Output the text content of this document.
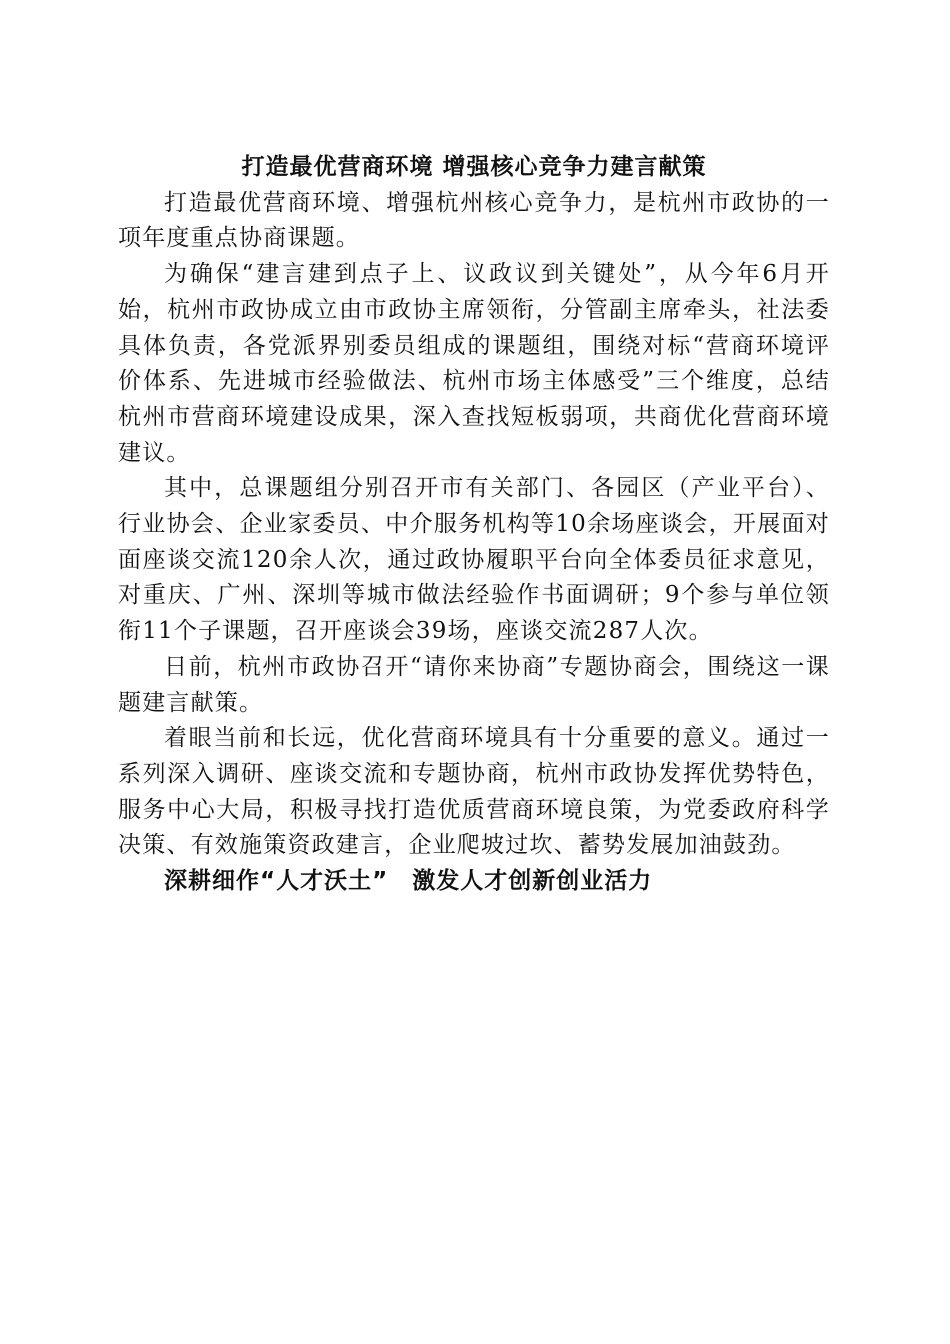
打造最优营商环境 增强核心竞争力建言献策

打造最优营商环境、增强杭州核心竞争力，是杭州市政协的一项年度重点协商课题。

为确保“建言建到点子上、议政议到关键处”，从今年6月开始，杭州市政协成立由市政协主席领衔，分管副主席牵头，社法委具体负责，各党派界别委员组成的课题组，围绕对标“营商环境评价体系、先进城市经验做法、杭州市场主体感受”三个维度，总结杭州市营商环境建设成果，深入查找短板弱项，共商优化营商环境建议。

其中，总课题组分别召开市有关部门、各园区（产业平台）、行业协会、企业家委员、中介服务机构等10余场座谈会，开展面对面座谈交流120余人次，通过政协履职平台向全体委员征求意见，对重庆、广州、深圳等城市做法经验作书面调研；9个参与单位领衔11个子课题，召开座谈会39场，座谈交流287人次。

日前，杭州市政协召开“请你来协商”专题协商会，围绕这一课题建言献策。

着眼当前和长远，优化营商环境具有十分重要的意义。通过一系列深入调研、座谈交流和专题协商，杭州市政协发挥优势特色，服务中心大局，积极寻找打造优质营商环境良策，为党委政府科学决策、有效施策资政建言，企业爬坡过坎、蓄势发展加油鼓劲。

深耕细作“人才沃土”　激发人才创新创业活力
